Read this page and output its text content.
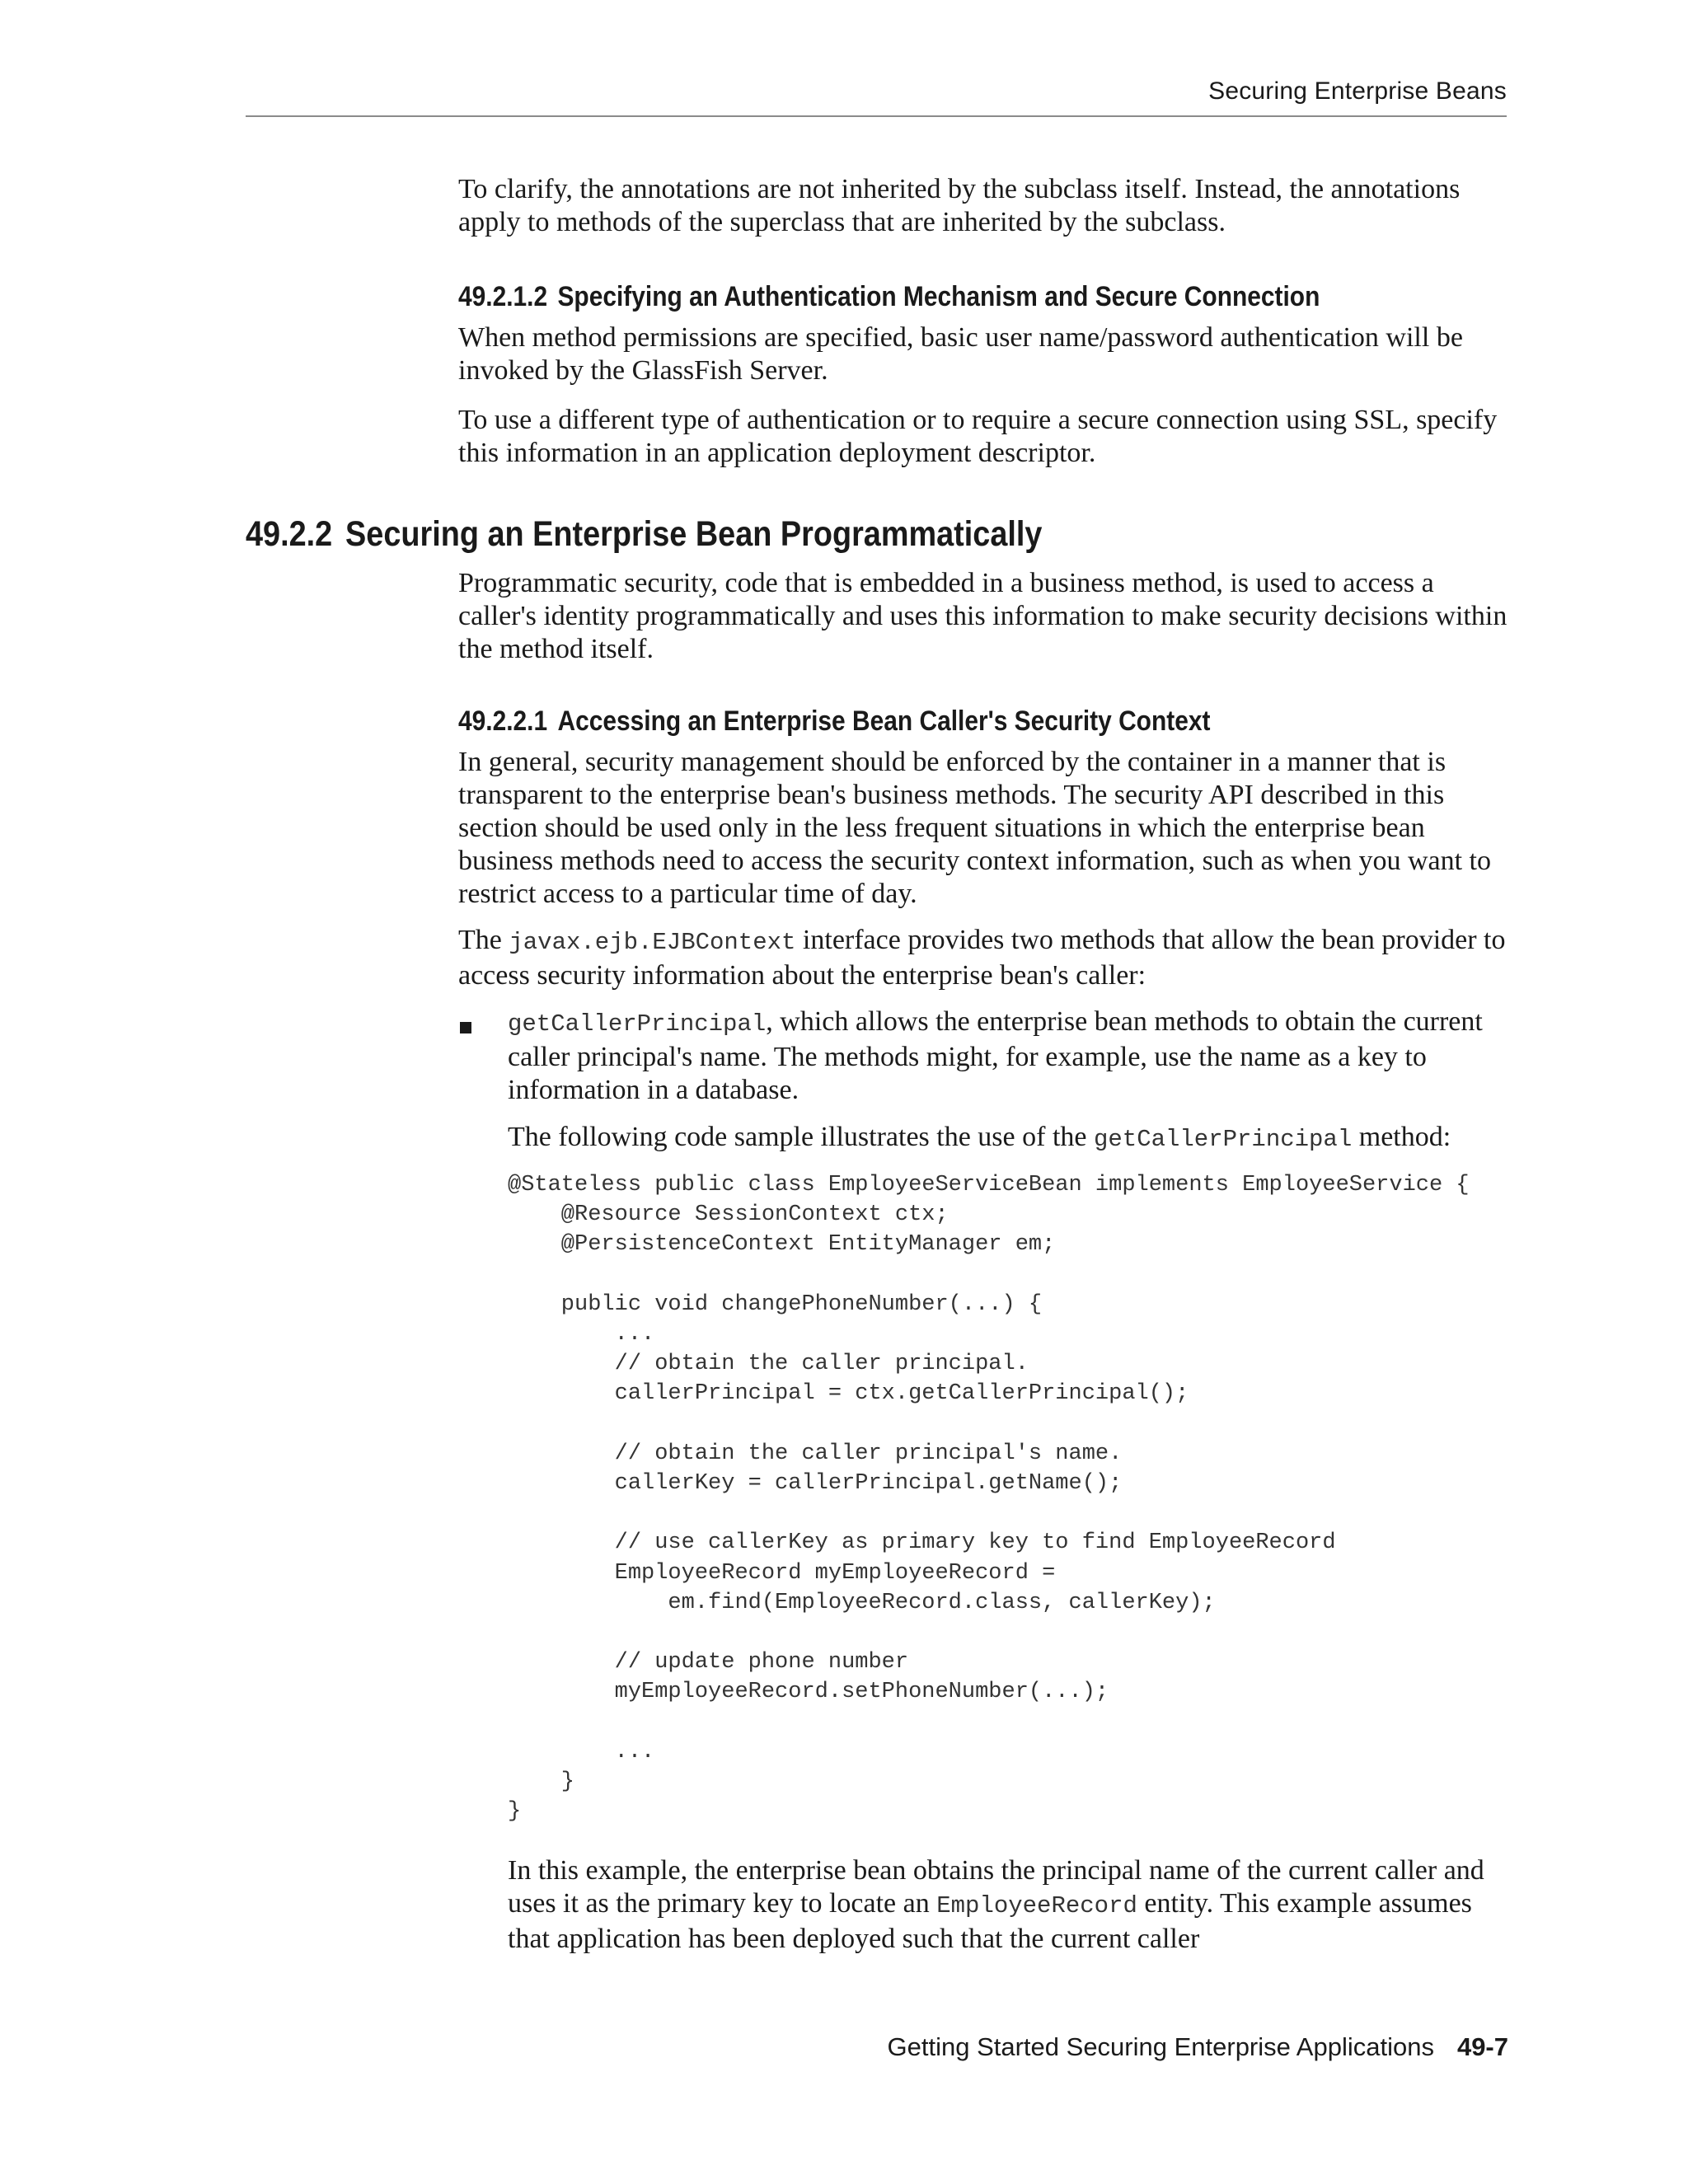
Securing Enterprise Beans

To clarify, the annotations are not inherited by the subclass itself. Instead, the annotations apply to methods of the superclass that are inherited by the subclass.

49.2.1.2 Specifying an Authentication Mechanism and Secure Connection

When method permissions are specified, basic user name/password authentication will be invoked by the GlassFish Server.

To use a different type of authentication or to require a secure connection using SSL, specify this information in an application deployment descriptor.

49.2.2 Securing an Enterprise Bean Programmatically

Programmatic security, code that is embedded in a business method, is used to access a caller's identity programmatically and uses this information to make security decisions within the method itself.

49.2.2.1 Accessing an Enterprise Bean Caller's Security Context

In general, security management should be enforced by the container in a manner that is transparent to the enterprise bean's business methods. The security API described in this section should be used only in the less frequent situations in which the enterprise bean business methods need to access the security context information, such as when you want to restrict access to a particular time of day.

The javax.ejb.EJBContext interface provides two methods that allow the bean provider to access security information about the enterprise bean's caller:

getCallerPrincipal, which allows the enterprise bean methods to obtain the current caller principal's name. The methods might, for example, use the name as a key to information in a database.

The following code sample illustrates the use of the getCallerPrincipal method:

@Stateless public class EmployeeServiceBean implements EmployeeService {
@Resource SessionContext ctx;
@PersistenceContext EntityManager em;

public void changePhoneNumber(...) {
...
// obtain the caller principal.
callerPrincipal = ctx.getCallerPrincipal();

// obtain the caller principal's name.
callerKey = callerPrincipal.getName();

// use callerKey as primary key to find EmployeeRecord
EmployeeRecord myEmployeeRecord =
em.find(EmployeeRecord.class, callerKey);

// update phone number
myEmployeeRecord.setPhoneNumber(...);

...
}
}

In this example, the enterprise bean obtains the principal name of the current caller and uses it as the primary key to locate an EmployeeRecord entity. This example assumes that application has been deployed such that the current caller

Getting Started Securing Enterprise Applications 49-7
